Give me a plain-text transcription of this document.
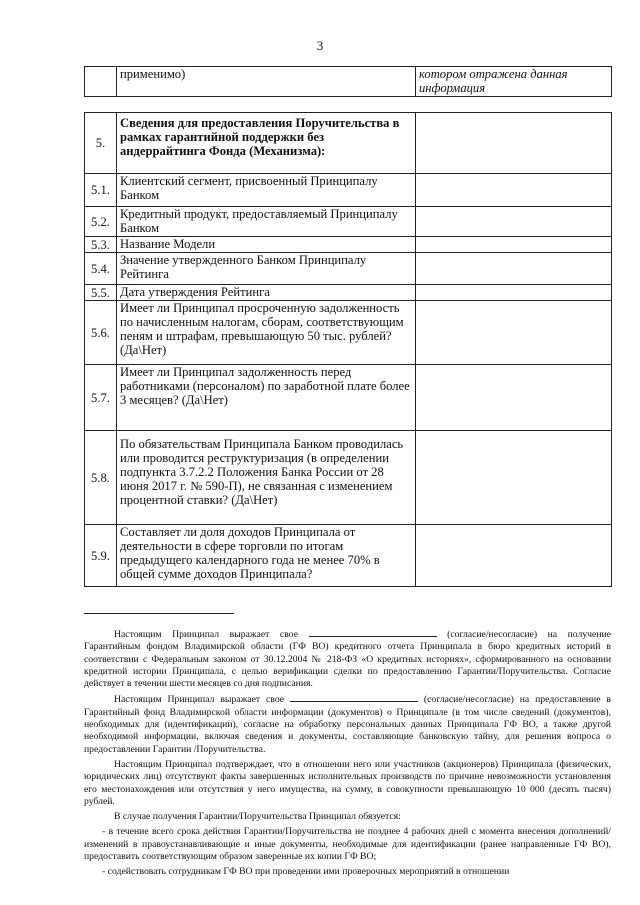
3
	применимо)	котором отражена данная информация
5.	Сведения для предоставления Поручительства в рамках гарантийной поддержки без андеррайтинга Фонда (Механизма):	
5.1.	Клиентский сегмент, присвоенный Принципалу Банком	
5.2.	Кредитный продукт, предоставляемый Принципалу Банком	
5.3.	Название Модели	
5.4.	Значение утвержденного Банком Принципалу Рейтинга	
5.5.	Дата утверждения Рейтинга	
5.6.	Имеет ли Принципал просроченную задолженность по начисленным налогам, сборам, соответствующим пеням и штрафам, превышающую 50 тыс. рублей? (Да\Нет)	
5.7.	Имеет ли Принципал задолженность перед работниками (персоналом) по заработной плате более 3 месяцев? (Да\Нет)	
5.8.	По обязательствам Принципала Банком проводилась или проводится реструктуризация (в определении подпункта 3.7.2.2 Положения Банка России от 28 июня 2017 г. № 590-П), не связанная с изменением процентной ставки? (Да\Нет)	
5.9.	Составляет ли доля доходов Принципала от деятельности в сфере торговли по итогам предыдущего календарного года не менее 70% в общей сумме доходов Принципала?	

Настоящим Принципал выражает свое	(согласие/несогласие) на получение Гарантийным фондом Владимирской области (ГФ ВО) кредитного отчета Принципала в бюро кредитных историй в соответствии с Федеральным законом от 30.12.2004 № 218-ФЗ «О кредитных историях», сформированного на основании кредитной истории Принципала, с целью верификации сделки по предоставлению Гарантии/Поручительства. Согласие действует в течении шести месяцев со дня подписания.

Настоящим Принципал выражает свое	(согласие/несогласие) на предоставление в Гарантийный фонд Владимирской области информации (документов) о Принципале (в том числе сведений (документов), необходимых для (идентификации), согласие на обработку персональных данных Принципала ГФ ВО, а также другой необходимой информации, включая сведения и документы, составляющие банковскую тайну, для решения вопроса о предоставлении Гарантии /Поручительства.

Настоящим Принципал подтверждает, что в отношении него или участников (акционеров) Принципала (физических, юридических лиц) отсутствуют факты завершенных исполнительных производств по причине невозможности установления его местонахождения или отсутствия у него имущества, на сумму, в совокупности превышающую 10 000 (десять тысяч) рублей.

В случае получения Гарантии/Поручительства Принципал обязуется:

- в течение всего срока действия Гарантии/Поручительства не позднее 4 рабочих дней с момента внесения дополнений/изменений в правоустанавливающие и иные документы, необходимые для идентификации (ранее направленные ГФ ВО), предоставить соответствующим образом заверенные их копии ГФ ВО;

- содействовать сотрудникам ГФ ВО при проведении ими проверочных мероприятий в отношении
